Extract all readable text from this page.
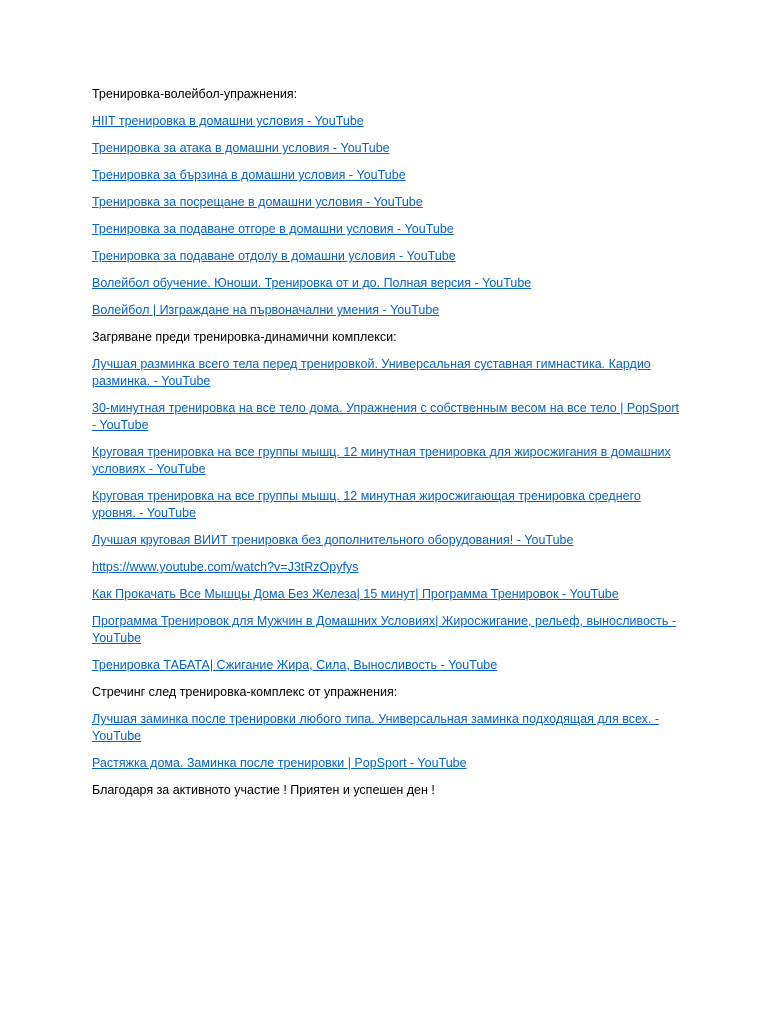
Тренировка-волейбол-упражнения:

HIIT тренировка в домашни условия - YouTube
Тренировка за атака в домашни условия - YouTube
Тренировка за бързина в домашни условия - YouTube
Тренировка за посрещане в домашни условия - YouTube
Тренировка за подаване отгоре в домашни условия - YouTube
Тренировка за подаване отдолу в домашни условия - YouTube
Волейбол обучение. Юноши. Тренировка от и до. Полная версия - YouTube
Волейбол | Изграждане на първоначални умения - YouTube

Загряване преди тренировка-динамични комплекси:

Лучшая разминка всего тела перед тренировкой. Универсальная суставная гимнастика. Кардио разминка. - YouTube
30-минутная тренировка на все тело дома. Упражнения с собственным весом на все тело | PopSport - YouTube
Круговая тренировка на все группы мышц. 12 минутная тренировка для жиросжигания в домашних условиях - YouTube
Круговая тренировка на все группы мышц. 12 минутная жиросжигающая тренировка среднего уровня. - YouTube
Лучшая круговая ВИИТ тренировка без дополнительного оборудования! - YouTube
https://www.youtube.com/watch?v=J3tRzOpyfys
Как Прокачать Все Мышцы Дома Без Железа| 15 минут| Программа Тренировок - YouTube
Программа Тренировок для Мужчин в Домашних Условиях| Жиросжигание, рельеф, выносливость - YouTube
Тренировка ТАБАТА| Сжигание Жира, Сила, Выносливость - YouTube

Стречинг след тренировка-комплекс от упражнения:

Лучшая заминка после тренировки любого типа. Универсальная заминка подходящая для всех. - YouTube
Растяжка дома. Заминка после тренировки | PopSport - YouTube

Благодаря за активното участие ! Приятен и успешен ден !
